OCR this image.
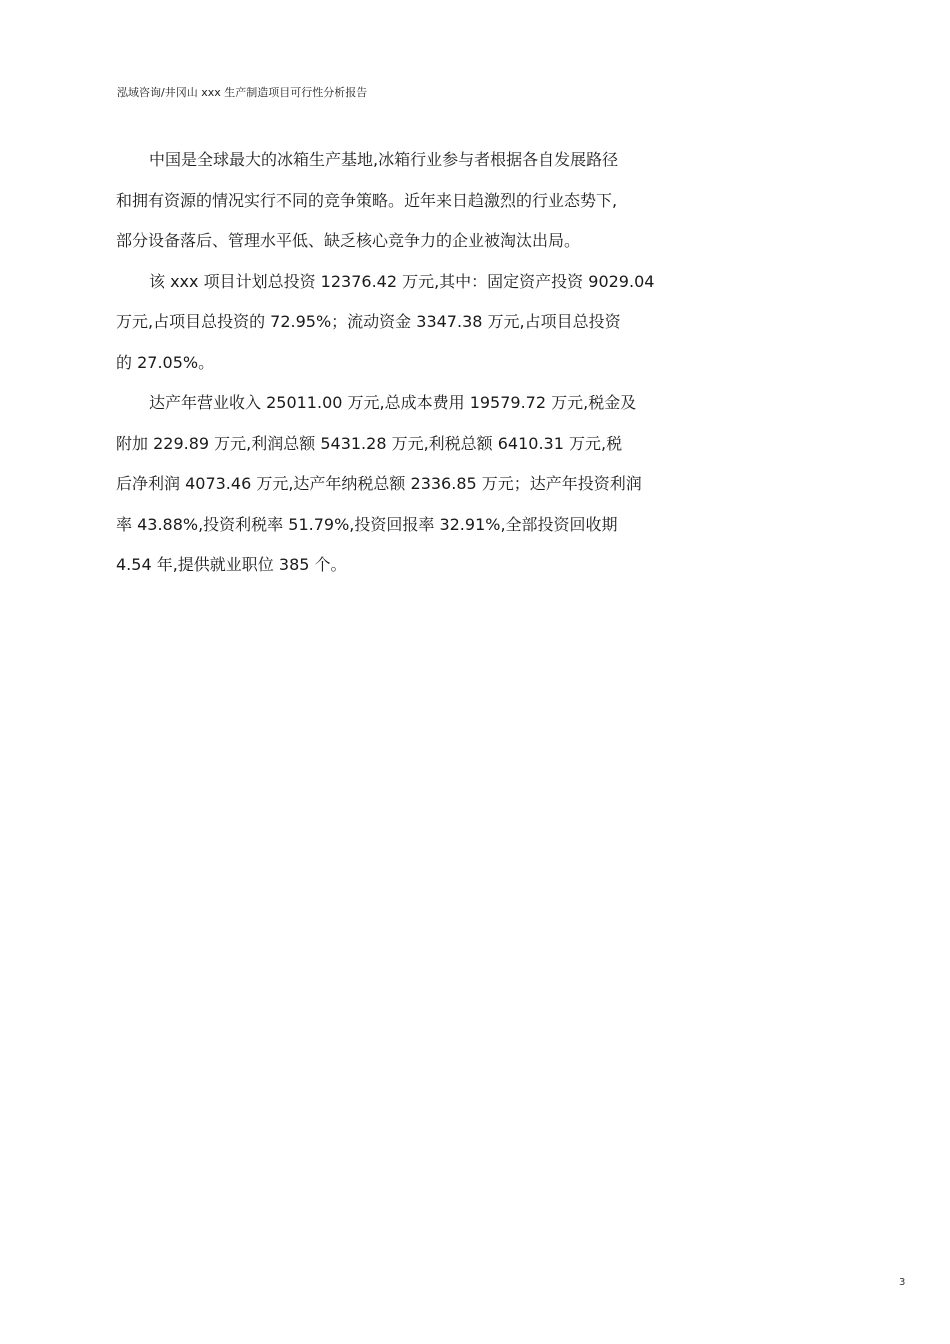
泓域咨询/井冈山 xxx 生产制造项目可行性分析报告
中国是全球最大的冰箱生产基地,冰箱行业参与者根据各自发展路径
和拥有资源的情况实行不同的竞争策略。近年来日趋激烈的行业态势下,
部分设备落后、管理水平低、缺乏核心竞争力的企业被淘汰出局。
该 xxx 项目计划总投资 12376.42 万元,其中：固定资产投资 9029.04
万元,占项目总投资的 72.95%；流动资金 3347.38 万元,占项目总投资
的 27.05%。
达产年营业收入 25011.00 万元,总成本费用 19579.72 万元,税金及
附加 229.89 万元,利润总额 5431.28 万元,利税总额 6410.31 万元,税
后净利润 4073.46 万元,达产年纳税总额 2336.85 万元；达产年投资利润
率 43.88%,投资利税率 51.79%,投资回报率 32.91%,全部投资回收期
4.54 年,提供就业职位 385 个。
3
